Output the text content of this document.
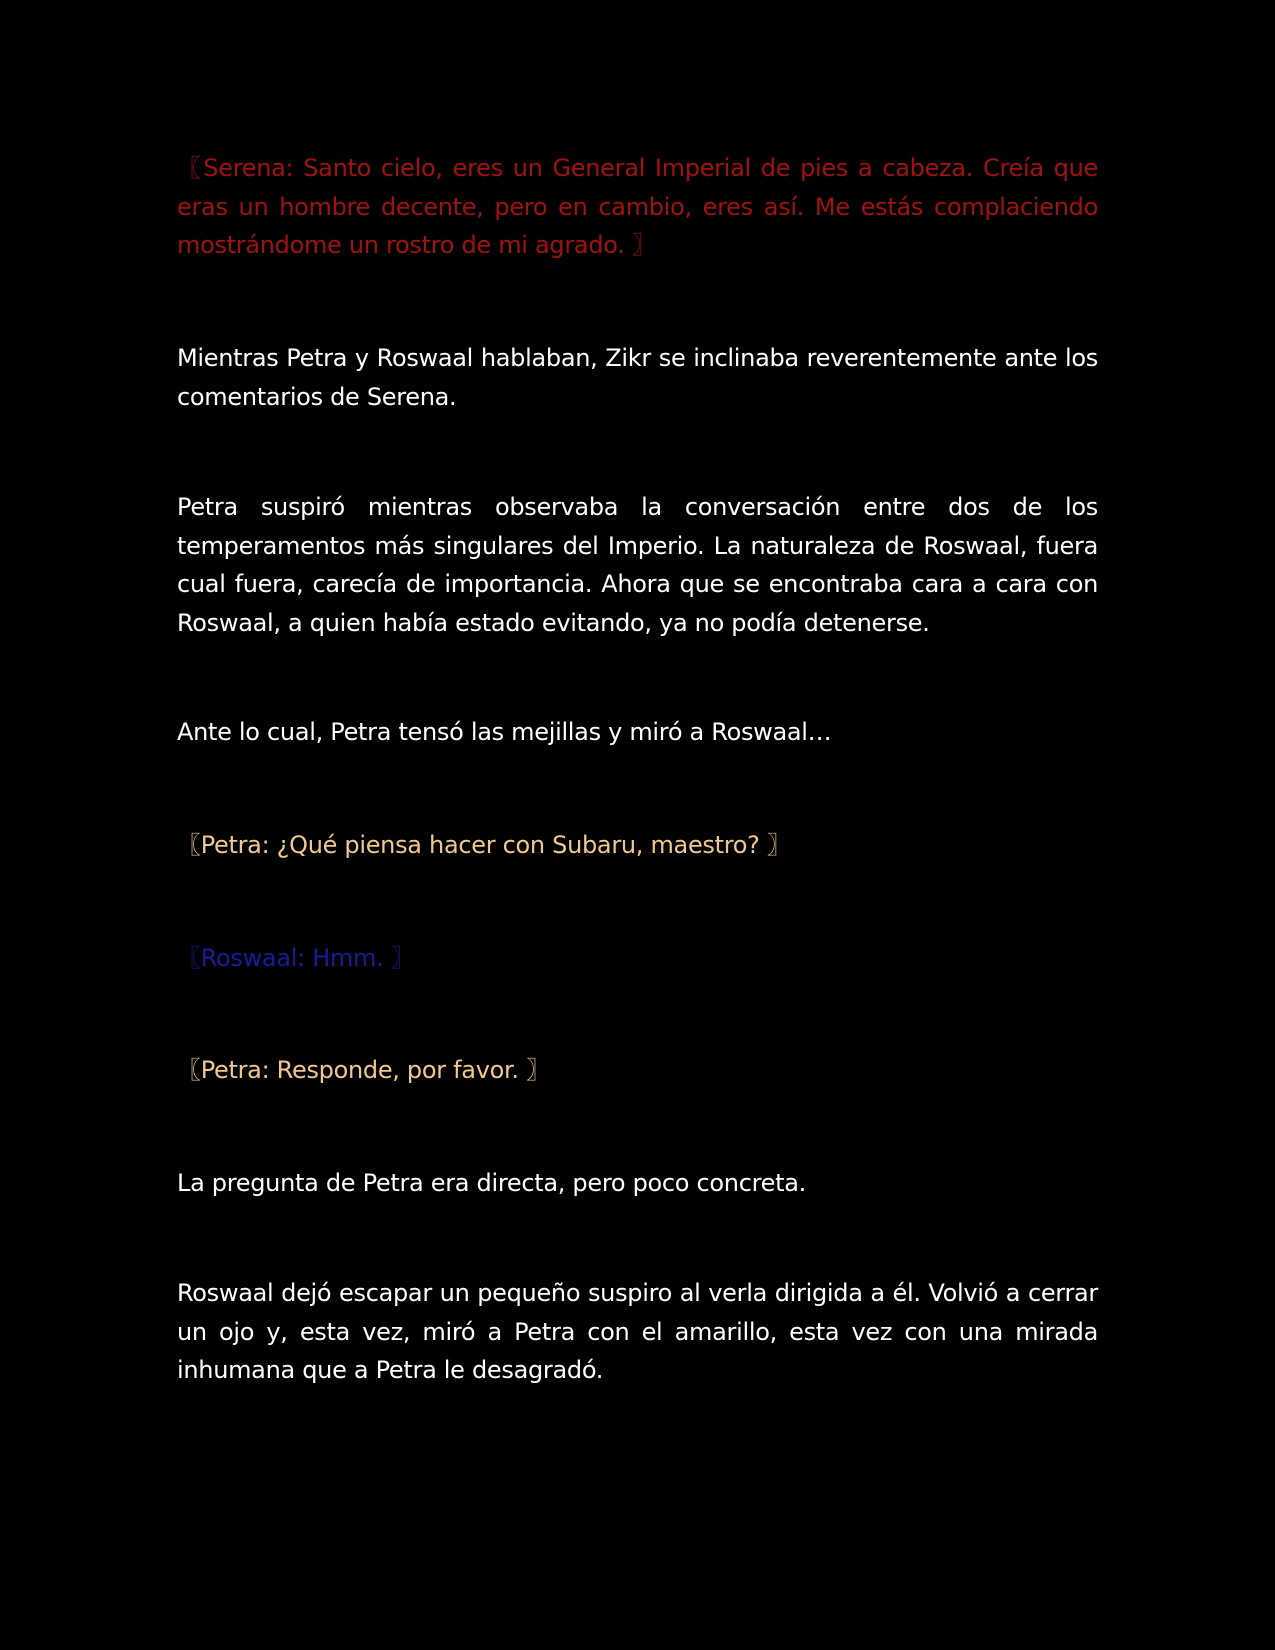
〖Serena: Santo cielo, eres un General Imperial de pies a cabeza. Creía que eras un hombre decente, pero en cambio, eres así. Me estás complaciendo mostrándome un rostro de mi agrado. 〗

Mientras Petra y Roswaal hablaban, Zikr se inclinaba reverentemente ante los comentarios de Serena.

Petra suspiró mientras observaba la conversación entre dos de los temperamentos más singulares del Imperio. La naturaleza de Roswaal, fuera cual fuera, carecía de importancia. Ahora que se encontraba cara a cara con Roswaal, a quien había estado evitando, ya no podía detenerse.

Ante lo cual, Petra tensó las mejillas y miró a Roswaal…

〖Petra: ¿Qué piensa hacer con Subaru, maestro? 〗

〖Roswaal: Hmm. 〗

〖Petra: Responde, por favor. 〗

La pregunta de Petra era directa, pero poco concreta.

Roswaal dejó escapar un pequeño suspiro al verla dirigida a él. Volvió a cerrar un ojo y, esta vez, miró a Petra con el amarillo, esta vez con una mirada inhumana que a Petra le desagradó.
